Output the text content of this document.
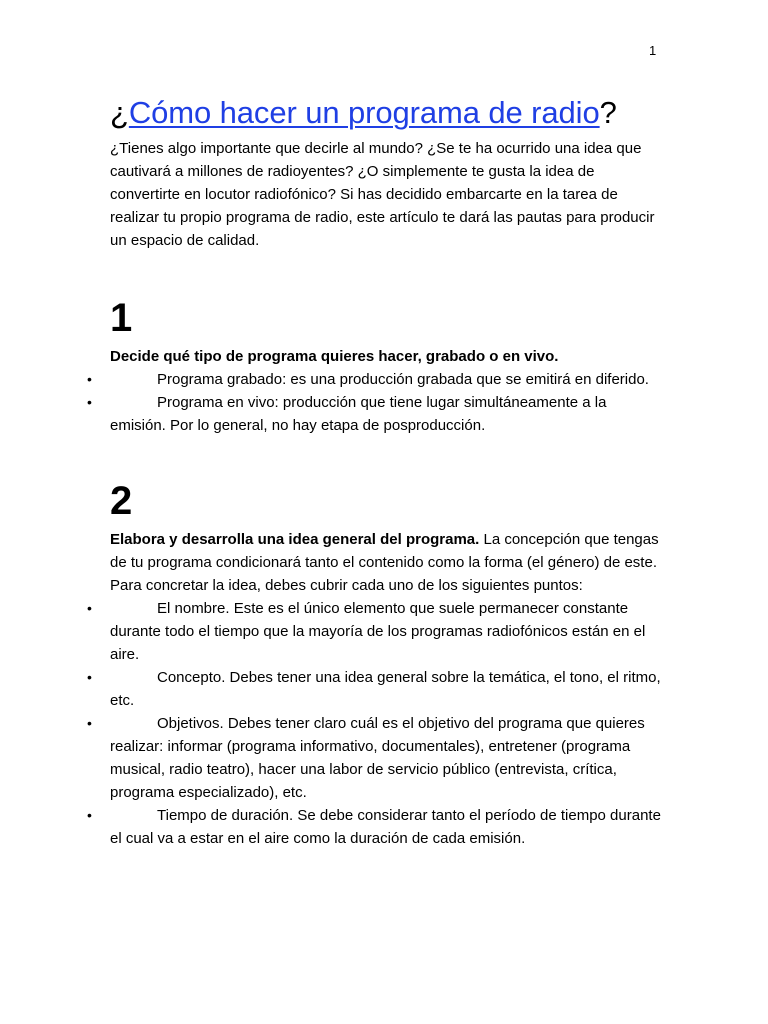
1
¿Cómo hacer un programa de radio?

¿Tienes algo importante que decirle al mundo? ¿Se te ha ocurrido una idea que cautivará a millones de radioyentes? ¿O simplemente te gusta la idea de convertirte en locutor radiofónico? Si has decidido embarcarte en la tarea de realizar tu propio programa de radio, este artículo te dará las pautas para producir un espacio de calidad.

1

Decide qué tipo de programa quieres hacer, grabado o en vivo.

•	Programa grabado: es una producción grabada que se emitirá en diferido.
•	Programa en vivo: producción que tiene lugar simultáneamente a la emisión. Por lo general, no hay etapa de posproducción.
2

Elabora y desarrolla una idea general del programa. La concepción que tengas de tu programa condicionará tanto el contenido como la forma (el género) de este. Para concretar la idea, debes cubrir cada uno de los siguientes puntos:

•	El nombre. Este es el único elemento que suele permanecer constante durante todo el tiempo que la mayoría de los programas radiofónicos están en el aire.
•	Concepto. Debes tener una idea general sobre la temática, el tono, el ritmo, etc.
•	Objetivos. Debes tener claro cuál es el objetivo del programa que quieres realizar: informar (programa informativo, documentales), entretener (programa musical, radio teatro), hacer una labor de servicio público (entrevista, crítica, programa especializado), etc.
•	Tiempo de duración. Se debe considerar tanto el período de tiempo durante el cual va a estar en el aire como la duración de cada emisión.
